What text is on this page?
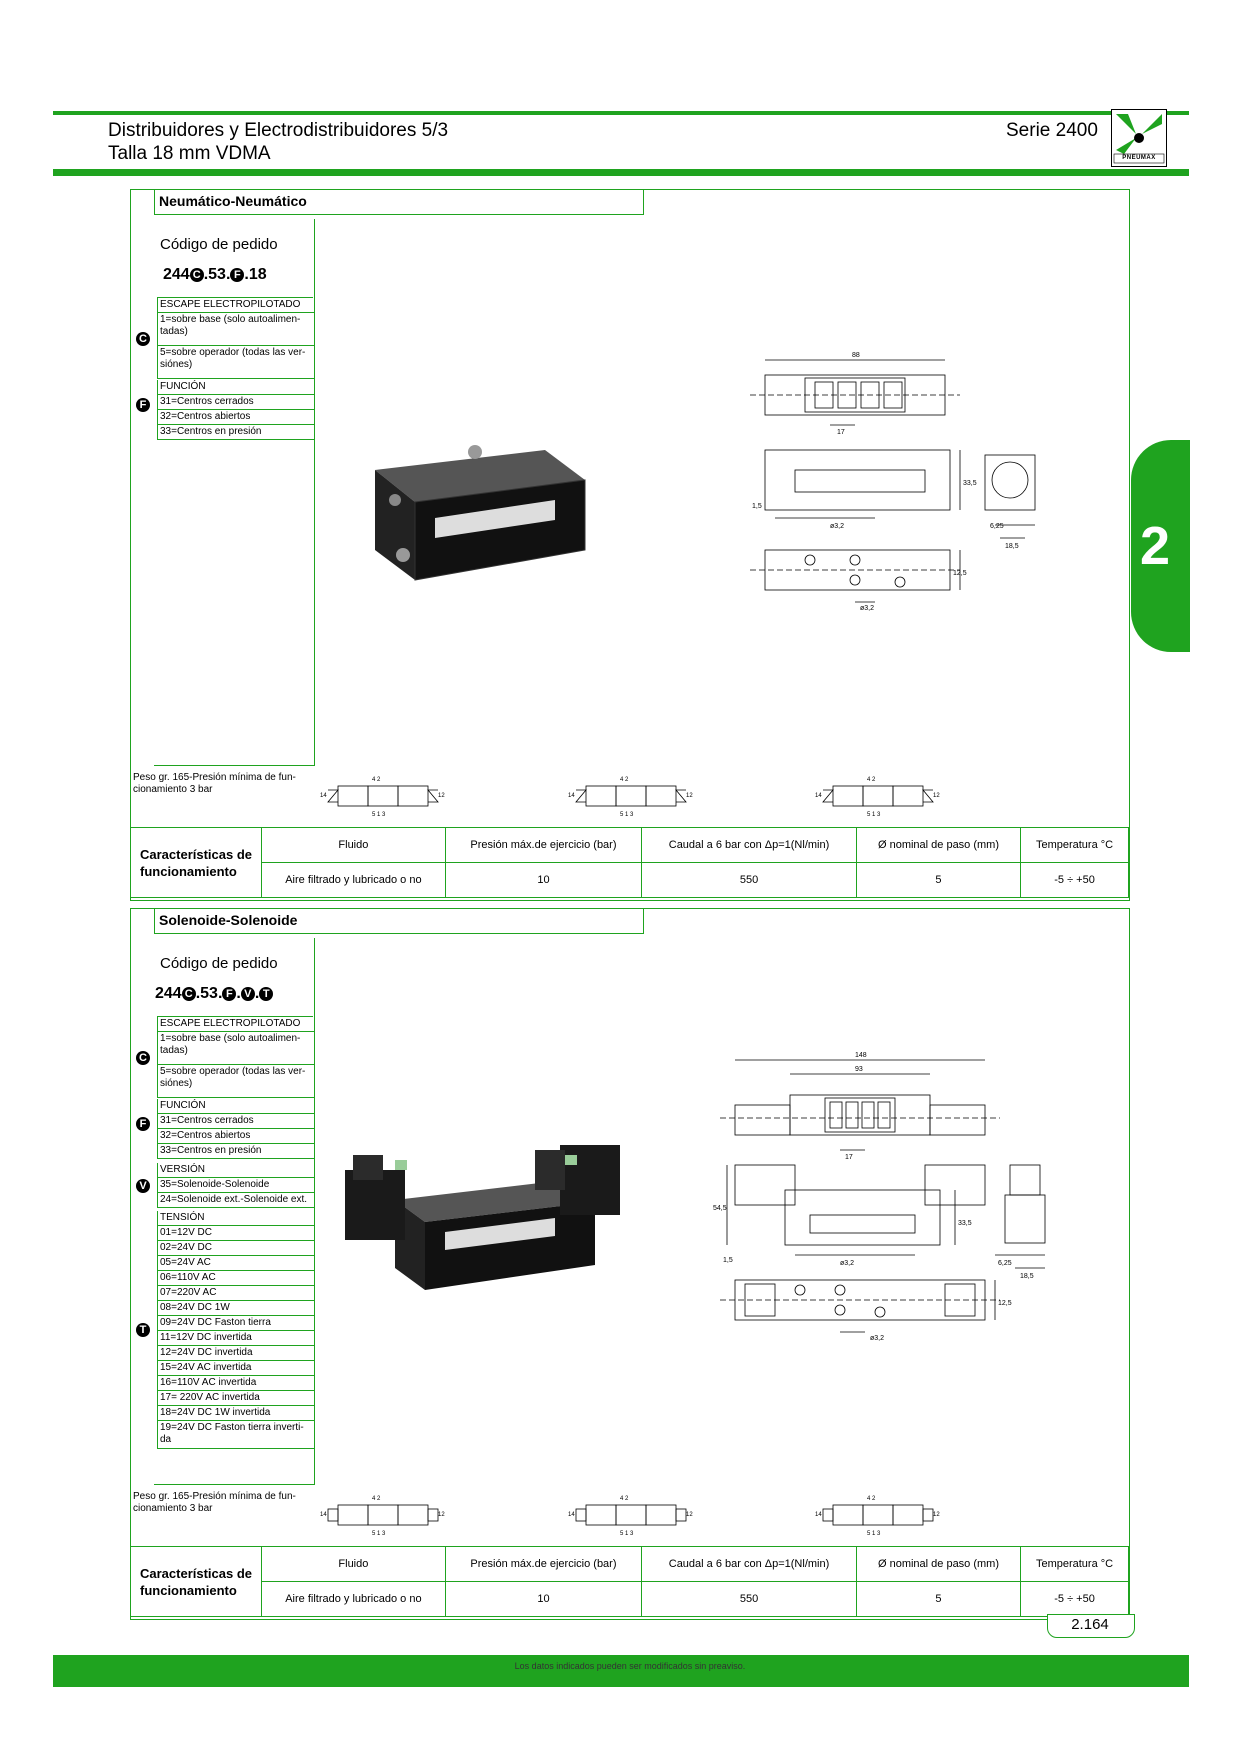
Distribuidores y Electrodistribuidores 5/3
Talla 18 mm VDMA
Serie 2400
PNEUMAX
2
Neumático-Neumático
Código de pedido
244 C .53. F .18
C
ESCAPE ELECTROPILOTADO
1=sobre base (solo autoalimen-tadas)
5=sobre operador (todas las ver-siónes)
F
FUNCIÓN
31=Centros cerrados
32=Centros abiertos
33=Centros en presión
88
17
33,5
1,5
ø3,2	6,25
18,5
12,5
ø3,2
Peso gr. 165-Presión mínima de fun-cionamiento 3 bar
4 2
5 1 3
14	12
4 2
5 1 3
14	12
4 2
5 1 3
14	12
Características de funcionamiento	Fluido	Presión máx.de ejercicio (bar)	Caudal a 6 bar con Δp=1(Nl/min)	Ø nominal de paso (mm)	Temperatura °C
	Aire filtrado y lubricado o no	10	550	5	-5 ÷ +50
Solenoide-Solenoide
Código de pedido
244 C .53. F . V . T
C
ESCAPE ELECTROPILOTADO
1=sobre base (solo autoalimen-tadas)
5=sobre operador (todas las ver-siónes)
F
FUNCIÓN
31=Centros cerrados
32=Centros abiertos
33=Centros en presión
V
VERSIÓN
35=Solenoide-Solenoide
24=Solenoide ext.-Solenoide ext.
T
TENSIÓN
01=12V DC
02=24V DC
05=24V AC
06=110V AC
07=220V AC
08=24V DC 1W
09=24V DC Faston tierra
11=12V DC invertida
12=24V DC invertida
15=24V AC invertida
16=110V AC invertida
17= 220V AC invertida
18=24V DC 1W invertida
19=24V DC Faston tierra inverti-da
148
93
17
54,5
33,5
1,5	ø3,2	6,25
18,5
12,5
ø3,2
Peso gr. 165-Presión mínima de fun-cionamiento 3 bar
4 2
5 1 3
14	12
4 2
5 1 3
14	12
4 2
5 1 3
14	12
Características de funcionamiento	Fluido	Presión máx.de ejercicio (bar)	Caudal a 6 bar con Δp=1(Nl/min)	Ø nominal de paso (mm)	Temperatura °C
	Aire filtrado y lubricado o no	10	550	5	-5 ÷ +50
Los datos indicados pueden ser modificados sin preaviso.
2.164
